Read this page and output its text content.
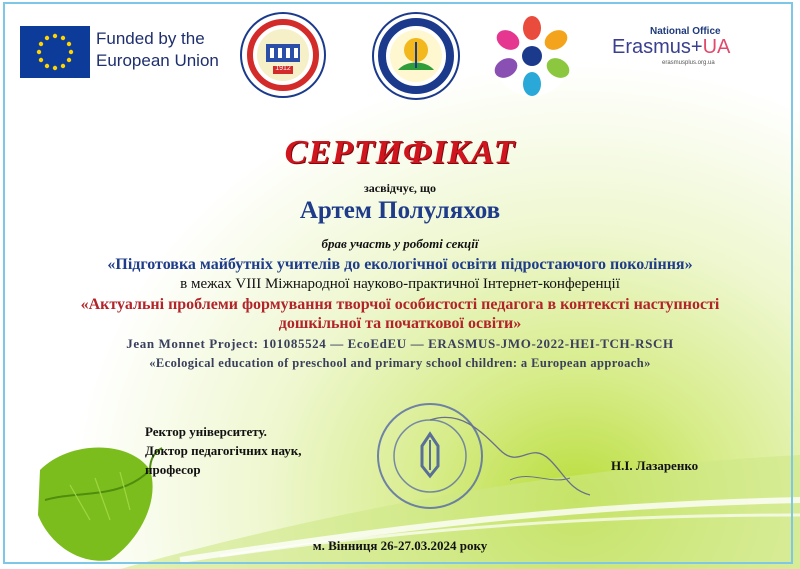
Funded by the
European Union	1912
National Office
Erasmus+UA
erasmusplus.org.ua
СЕРТИФІКАТ
засвідчує, що
Артем Полуляхов
брав участь у роботі секції
«Підготовка майбутніх учителів до екологічної освіти підростаючого покоління»
в межах VIII Міжнародної науково-практичної Інтернет-конференції
«Актуальні проблеми формування творчої особистості педагога в контексті наступності
дошкільної та початкової освіти»
Jean Monnet Project: 101085524 — EcoEdEU — ERASMUS-JMO-2022-HEI-TCH-RSCH
«Ecological education of preschool and primary school children: a European approach»
Ректор університету.
Доктор педагогічних наук,
професор	Н.І. Лазаренко
м. Вінниця 26-27.03.2024 року
